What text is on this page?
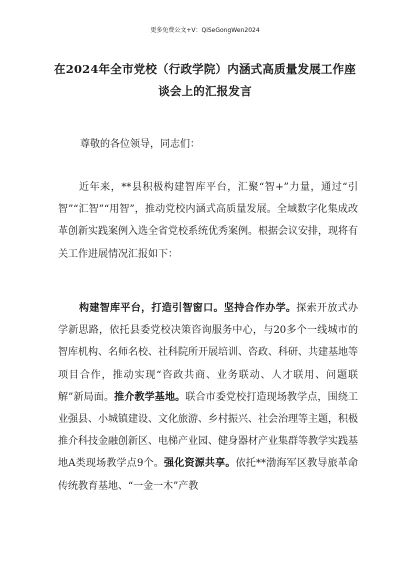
更多免费公文+V：QiSeGongWen2024
在2024年全市党校（行政学院）内涵式高质量发展工作座
谈会上的汇报发言
尊敬的各位领导，同志们：
近年来，**县积极构建智库平台，汇聚“智+”力量，通过“引智”“汇智”“用智”，推动党校内涵式高质量发展。全域数字化集成改革创新实践案例入选全省党校系统优秀案例。根据会议安排，现将有关工作进展情况汇报如下：
构建智库平台，打造引智窗口。坚持合作办学。探索开放式办学新思路，依托县委党校决策咨询服务中心，与20多个一线城市的智库机构、名师名校、社科院所开展培训、咨政、科研、共建基地等项目合作，推动实现“咨政共商、业务联动、人才联用、问题联解”新局面。推介教学基地。联合市委党校打造现场教学点，围绕工业强县、小城镇建设、文化旅游、乡村振兴、社会治理等主题，积极推介科技金融创新区、电梯产业园、健身器材产业集群等教学实践基地A类现场教学点9个。强化资源共享。依托**渤海军区教导旅革命传统教育基地、“一金一木”产教
